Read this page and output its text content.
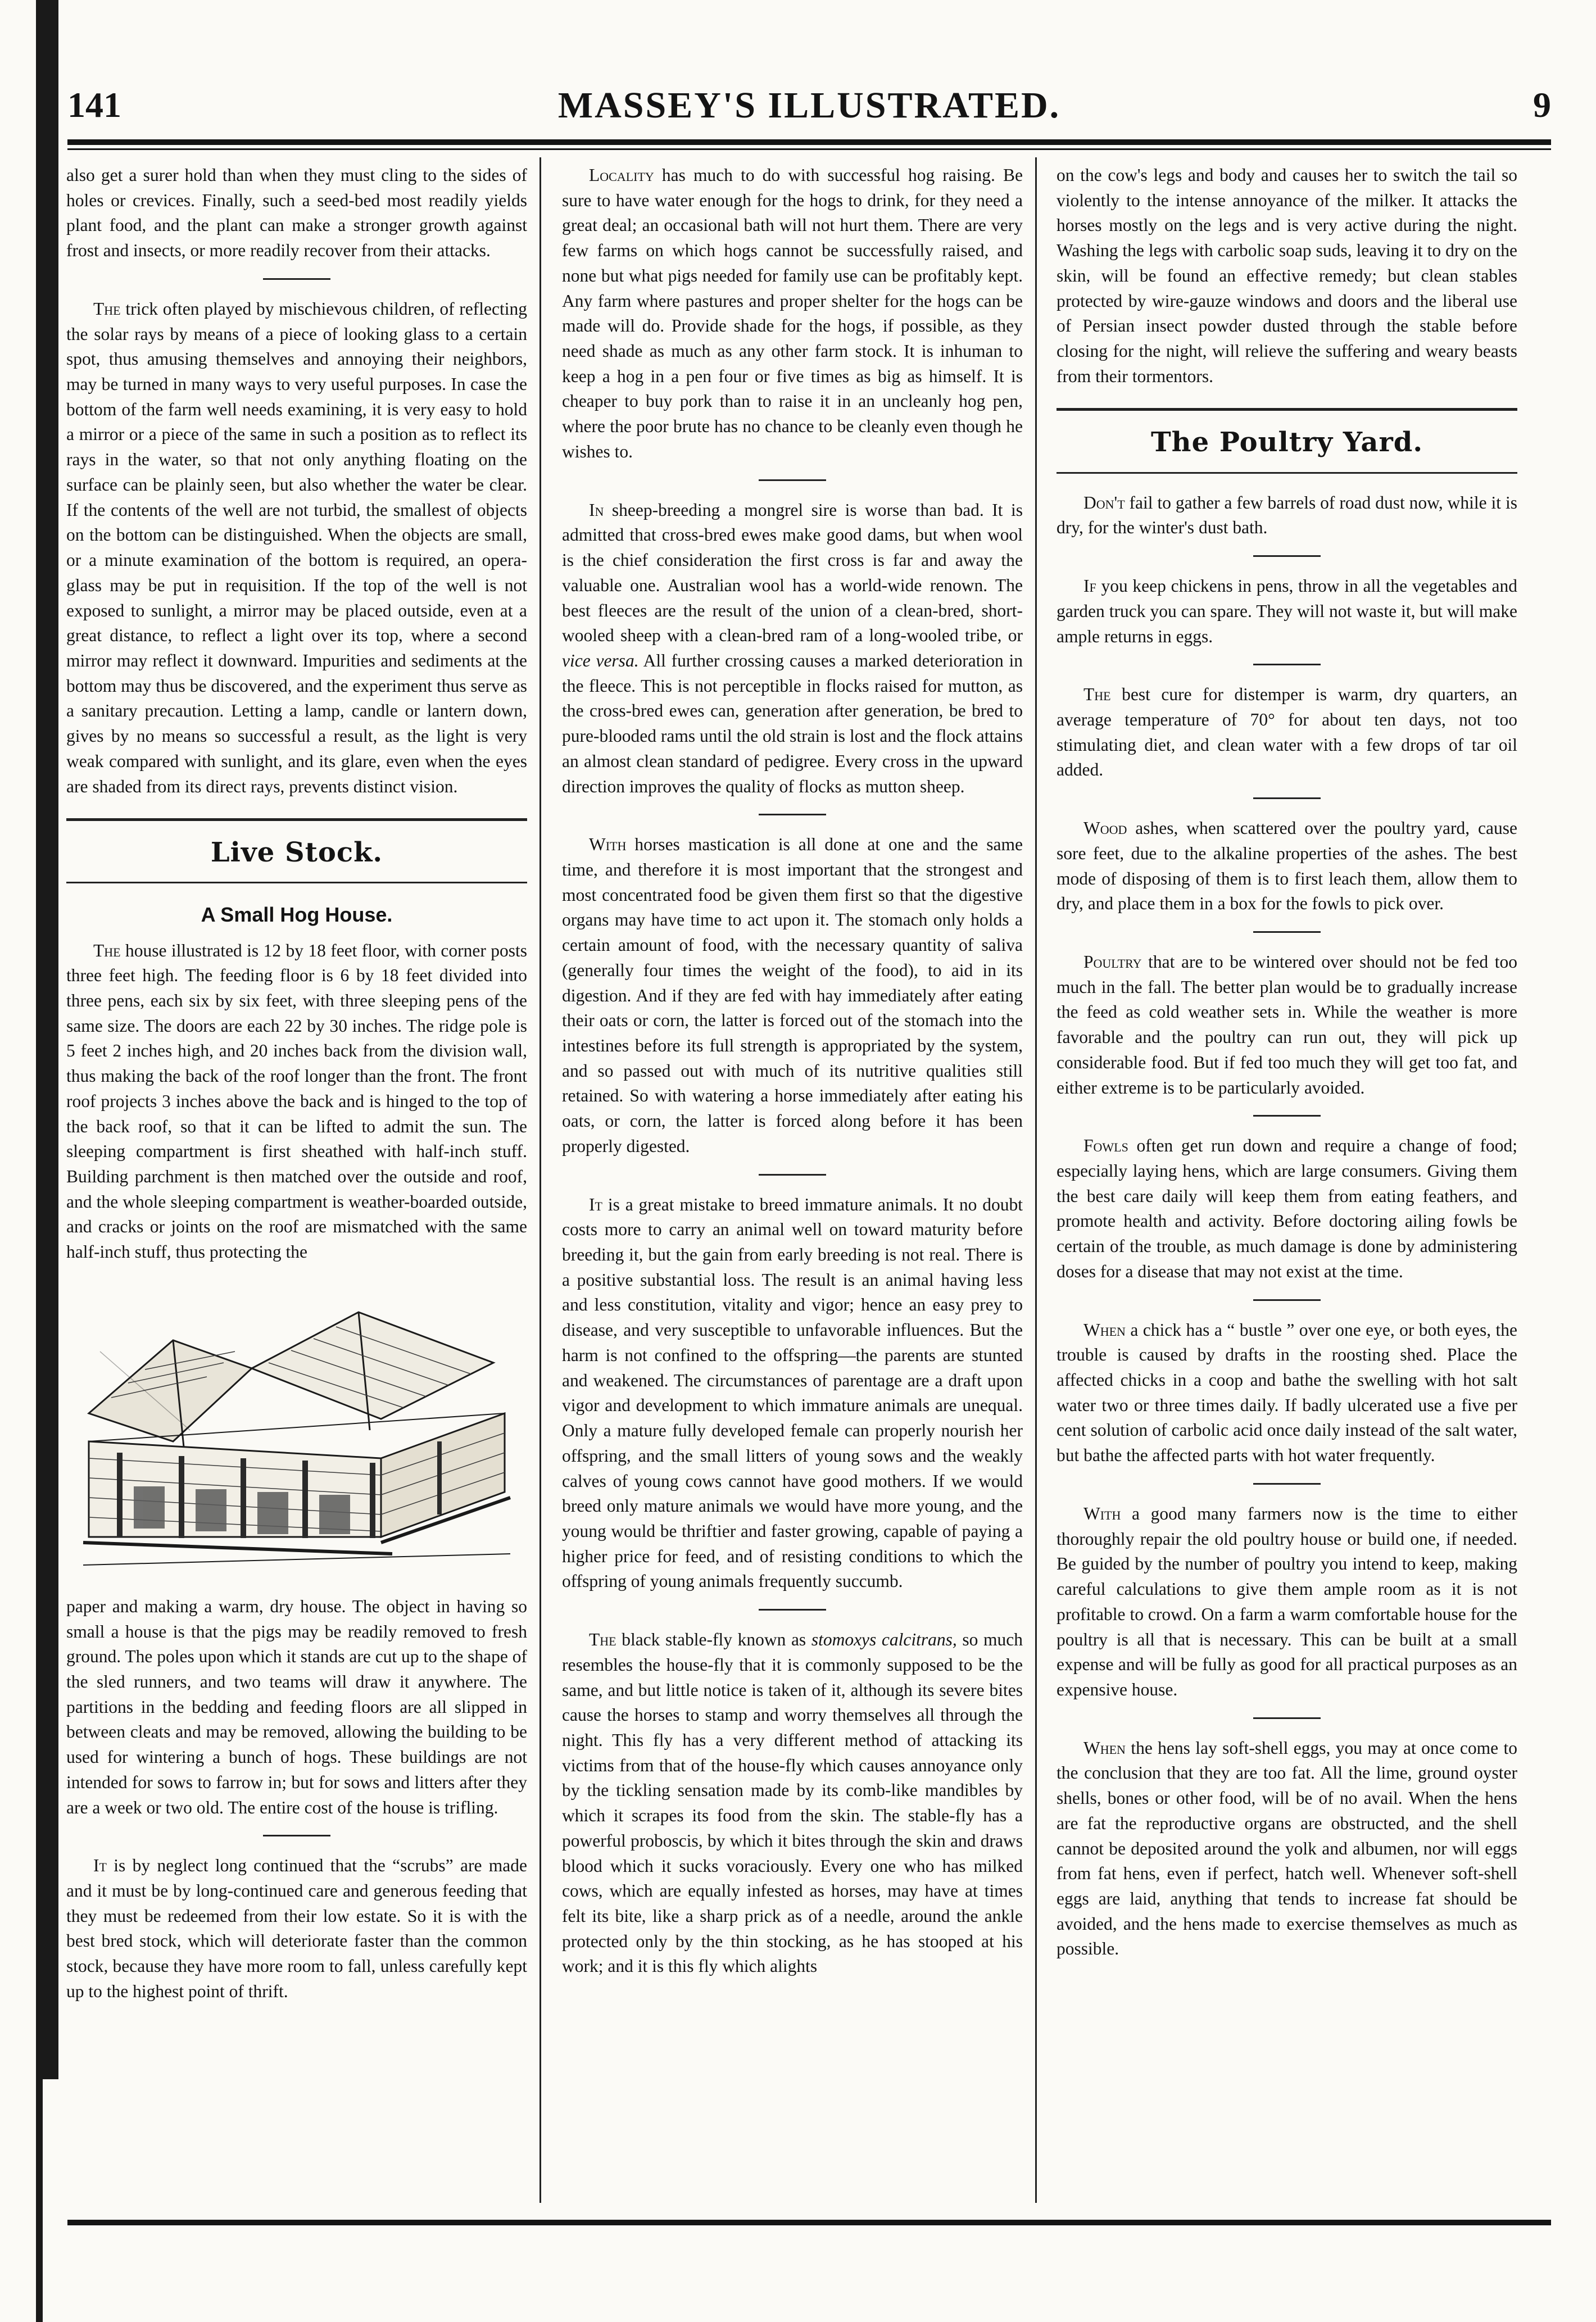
141	MASSEY'S ILLUSTRATED.	9

also get a surer hold than when they must cling to the sides of holes or crevices. Finally, such a seed-bed most readily yields plant food, and the plant can make a stronger growth against frost and insects, or more readily recover from their attacks.

The trick often played by mischievous children, of reflecting the solar rays by means of a piece of looking glass to a certain spot, thus amusing themselves and annoying their neighbors, may be turned in many ways to very useful purposes. In case the bottom of the farm well needs examining, it is very easy to hold a mirror or a piece of the same in such a position as to reflect its rays in the water, so that not only anything floating on the surface can be plainly seen, but also whether the water be clear. If the contents of the well are not turbid, the smallest of objects on the bottom can be distinguished. When the objects are small, or a minute examination of the bottom is required, an opera-glass may be put in requisition. If the top of the well is not exposed to sunlight, a mirror may be placed outside, even at a great distance, to reflect a light over its top, where a second mirror may reflect it downward. Impurities and sediments at the bottom may thus be discovered, and the experiment thus serve as a sanitary precaution. Letting a lamp, candle or lantern down, gives by no means so successful a result, as the light is very weak compared with sunlight, and its glare, even when the eyes are shaded from its direct rays, prevents distinct vision.

Live Stock.
A Small Hog House.

The house illustrated is 12 by 18 feet floor, with corner posts three feet high. The feeding floor is 6 by 18 feet divided into three pens, each six by six feet, with three sleeping pens of the same size. The doors are each 22 by 30 inches. The ridge pole is 5 feet 2 inches high, and 20 inches back from the division wall, thus making the back of the roof longer than the front. The front roof projects 3 inches above the back and is hinged to the top of the back roof, so that it can be lifted to admit the sun. The sleeping compartment is first sheathed with half-inch stuff. Building parchment is then matched over the outside and roof, and the whole sleeping compartment is weather-boarded outside, and cracks or joints on the roof are mismatched with the same half-inch stuff, thus protecting the

paper and making a warm, dry house. The object in having so small a house is that the pigs may be readily removed to fresh ground. The poles upon which it stands are cut up to the shape of the sled runners, and two teams will draw it anywhere. The partitions in the bedding and feeding floors are all slipped in between cleats and may be removed, allowing the building to be used for wintering a bunch of hogs. These buildings are not intended for sows to farrow in; but for sows and litters after they are a week or two old. The entire cost of the house is trifling.

It is by neglect long continued that the “scrubs” are made and it must be by long-continued care and generous feeding that they must be redeemed from their low estate. So it is with the best bred stock, which will deteriorate faster than the common stock, because they have more room to fall, unless carefully kept up to the highest point of thrift.

Locality has much to do with successful hog raising. Be sure to have water enough for the hogs to drink, for they need a great deal; an occasional bath will not hurt them. There are very few farms on which hogs cannot be successfully raised, and none but what pigs needed for family use can be profitably kept. Any farm where pastures and proper shelter for the hogs can be made will do. Provide shade for the hogs, if possible, as they need shade as much as any other farm stock. It is inhuman to keep a hog in a pen four or five times as big as himself. It is cheaper to buy pork than to raise it in an uncleanly hog pen, where the poor brute has no chance to be cleanly even though he wishes to.

In sheep-breeding a mongrel sire is worse than bad. It is admitted that cross-bred ewes make good dams, but when wool is the chief consideration the first cross is far and away the valuable one. Australian wool has a world-wide renown. The best fleeces are the result of the union of a clean-bred, short-wooled sheep with a clean-bred ram of a long-wooled tribe, or vice versa. All further crossing causes a marked deterioration in the fleece. This is not perceptible in flocks raised for mutton, as the cross-bred ewes can, generation after generation, be bred to pure-blooded rams until the old strain is lost and the flock attains an almost clean standard of pedigree. Every cross in the upward direction improves the quality of flocks as mutton sheep.

With horses mastication is all done at one and the same time, and therefore it is most important that the strongest and most concentrated food be given them first so that the digestive organs may have time to act upon it. The stomach only holds a certain amount of food, with the necessary quantity of saliva (generally four times the weight of the food), to aid in its digestion. And if they are fed with hay immediately after eating their oats or corn, the latter is forced out of the stomach into the intestines before its full strength is appropriated by the system, and so passed out with much of its nutritive qualities still retained. So with watering a horse immediately after eating his oats, or corn, the latter is forced along before it has been properly digested.

It is a great mistake to breed immature animals. It no doubt costs more to carry an animal well on toward maturity before breeding it, but the gain from early breeding is not real. There is a positive substantial loss. The result is an animal having less and less constitution, vitality and vigor; hence an easy prey to disease, and very susceptible to unfavorable influences. But the harm is not confined to the offspring—the parents are stunted and weakened. The circumstances of parentage are a draft upon vigor and development to which immature animals are unequal. Only a mature fully developed female can properly nourish her offspring, and the small litters of young sows and the weakly calves of young cows cannot have good mothers. If we would breed only mature animals we would have more young, and the young would be thriftier and faster growing, capable of paying a higher price for feed, and of resisting conditions to which the offspring of young animals frequently succumb.

The black stable-fly known as stomoxys calcitrans, so much resembles the house-fly that it is commonly supposed to be the same, and but little notice is taken of it, although its severe bites cause the horses to stamp and worry themselves all through the night. This fly has a very different method of attacking its victims from that of the house-fly which causes annoyance only by the tickling sensation made by its comb-like mandibles by which it scrapes its food from the skin. The stable-fly has a powerful proboscis, by which it bites through the skin and draws blood which it sucks voraciously. Every one who has milked cows, which are equally infested as horses, may have at times felt its bite, like a sharp prick as of a needle, around the ankle protected only by the thin stocking, as he has stooped at his work; and it is this fly which alights

on the cow's legs and body and causes her to switch the tail so violently to the intense annoyance of the milker. It attacks the horses mostly on the legs and is very active during the night. Washing the legs with carbolic soap suds, leaving it to dry on the skin, will be found an effective remedy; but clean stables protected by wire-gauze windows and doors and the liberal use of Persian insect powder dusted through the stable before closing for the night, will relieve the suffering and weary beasts from their tormentors.

The Poultry Yard.

Don't fail to gather a few barrels of road dust now, while it is dry, for the winter's dust bath.

If you keep chickens in pens, throw in all the vegetables and garden truck you can spare. They will not waste it, but will make ample returns in eggs.

The best cure for distemper is warm, dry quarters, an average temperature of 70° for about ten days, not too stimulating diet, and clean water with a few drops of tar oil added.

Wood ashes, when scattered over the poultry yard, cause sore feet, due to the alkaline properties of the ashes. The best mode of disposing of them is to first leach them, allow them to dry, and place them in a box for the fowls to pick over.

Poultry that are to be wintered over should not be fed too much in the fall. The better plan would be to gradually increase the feed as cold weather sets in. While the weather is more favorable and the poultry can run out, they will pick up considerable food. But if fed too much they will get too fat, and either extreme is to be particularly avoided.

Fowls often get run down and require a change of food; especially laying hens, which are large consumers. Giving them the best care daily will keep them from eating feathers, and promote health and activity. Before doctoring ailing fowls be certain of the trouble, as much damage is done by administering doses for a disease that may not exist at the time.

When a chick has a “ bustle ” over one eye, or both eyes, the trouble is caused by drafts in the roosting shed. Place the affected chicks in a coop and bathe the swelling with hot salt water two or three times daily. If badly ulcerated use a five per cent solution of carbolic acid once daily instead of the salt water, but bathe the affected parts with hot water frequently.

With a good many farmers now is the time to either thoroughly repair the old poultry house or build one, if needed. Be guided by the number of poultry you intend to keep, making careful calculations to give them ample room as it is not profitable to crowd. On a farm a warm comfortable house for the poultry is all that is necessary. This can be built at a small expense and will be fully as good for all practical purposes as an expensive house.

When the hens lay soft-shell eggs, you may at once come to the conclusion that they are too fat. All the lime, ground oyster shells, bones or other food, will be of no avail. When the hens are fat the reproductive organs are obstructed, and the shell cannot be deposited around the yolk and albumen, nor will eggs from fat hens, even if perfect, hatch well. Whenever soft-shell eggs are laid, anything that tends to increase fat should be avoided, and the hens made to exercise themselves as much as possible.
